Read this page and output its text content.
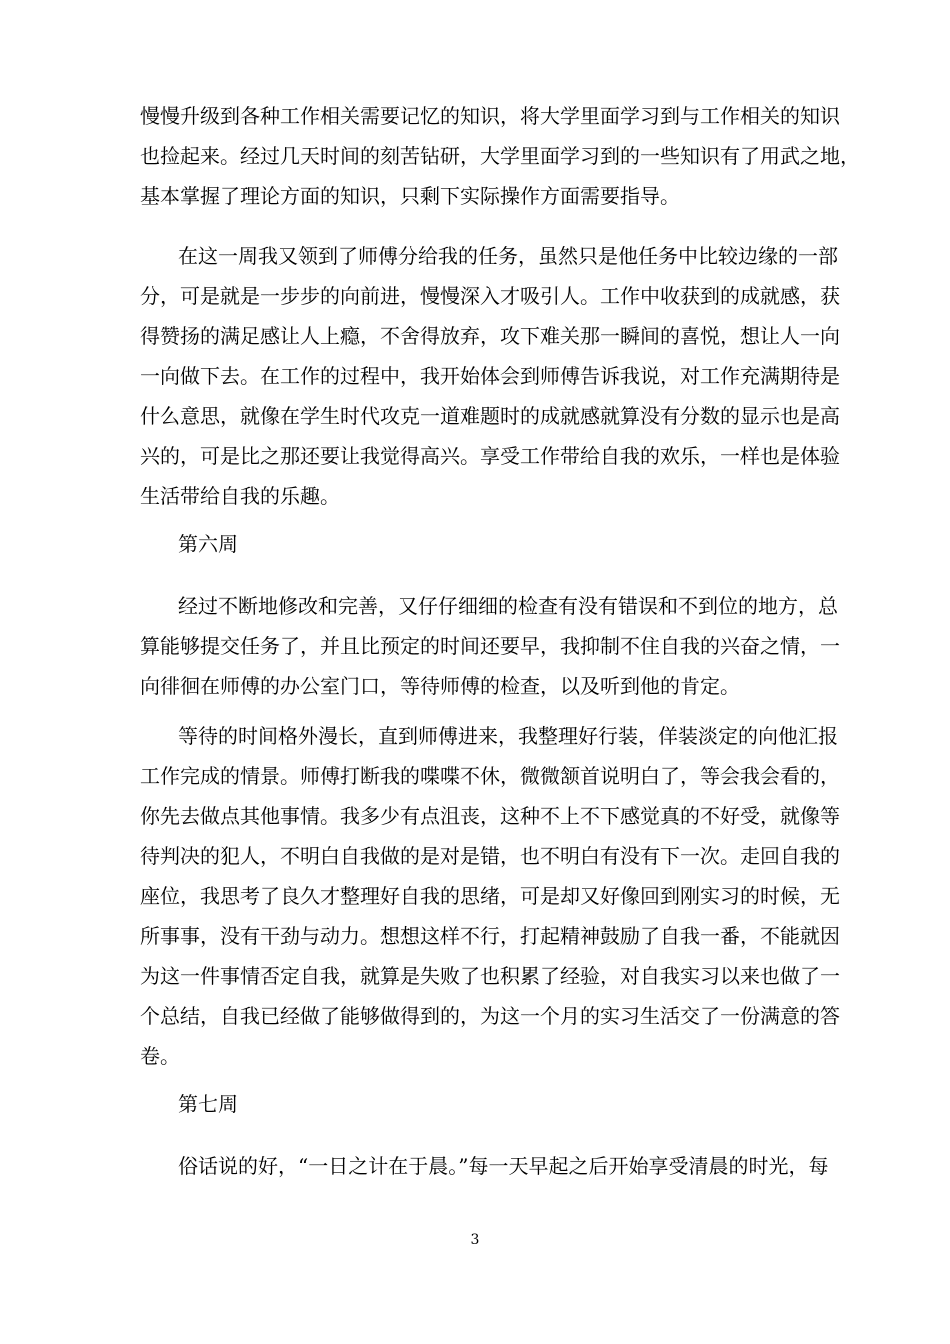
慢慢升级到各种工作相关需要记忆的知识，将大学里面学习到与工作相关的知识
也捡起来。经过几天时间的刻苦钻研，大学里面学习到的一些知识有了用武之地，
基本掌握了理论方面的知识，只剩下实际操作方面需要指导。
在这一周我又领到了师傅分给我的任务，虽然只是他任务中比较边缘的一部
分，可是就是一步步的向前进，慢慢深入才吸引人。工作中收获到的成就感，获
得赞扬的满足感让人上瘾，不舍得放弃，攻下难关那一瞬间的喜悦，想让人一向
一向做下去。在工作的过程中，我开始体会到师傅告诉我说，对工作充满期待是
什么意思，就像在学生时代攻克一道难题时的成就感就算没有分数的显示也是高
兴的，可是比之那还要让我觉得高兴。享受工作带给自我的欢乐，一样也是体验
生活带给自我的乐趣。
第六周
经过不断地修改和完善，又仔仔细细的检查有没有错误和不到位的地方，总
算能够提交任务了，并且比预定的时间还要早，我抑制不住自我的兴奋之情，一
向徘徊在师傅的办公室门口，等待师傅的检查，以及听到他的肯定。
等待的时间格外漫长，直到师傅进来，我整理好行装，佯装淡定的向他汇报
工作完成的情景。师傅打断我的喋喋不休，微微颔首说明白了，等会我会看的，
你先去做点其他事情。我多少有点沮丧，这种不上不下感觉真的不好受，就像等
待判决的犯人，不明白自我做的是对是错，也不明白有没有下一次。走回自我的
座位，我思考了良久才整理好自我的思绪，可是却又好像回到刚实习的时候，无
所事事，没有干劲与动力。想想这样不行，打起精神鼓励了自我一番，不能就因
为这一件事情否定自我，就算是失败了也积累了经验，对自我实习以来也做了一
个总结，自我已经做了能够做得到的，为这一个月的实习生活交了一份满意的答
卷。
第七周
俗话说的好，“一日之计在于晨。”每一天早起之后开始享受清晨的时光，每
3
